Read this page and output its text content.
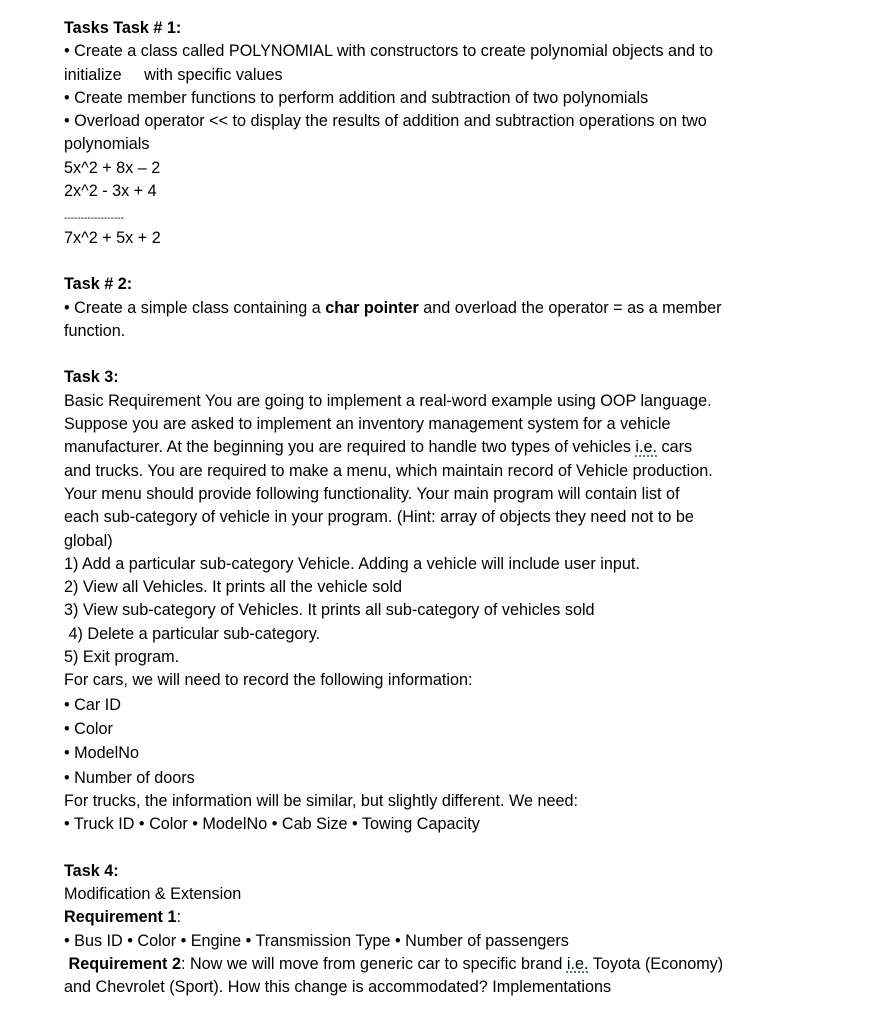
Tasks Task # 1:

• Create a class called POLYNOMIAL with constructors to create polynomial objects and to

initialize     with specific values

• Create member functions to perform addition and subtraction of two polynomials

• Overload operator << to display the results of addition and subtraction operations on two

polynomials

5x^2 + 8x – 2

2x^2 - 3x + 4

------------------

7x^2 + 5x + 2

Task # 2:

• Create a simple class containing a char pointer and overload the operator = as a member

function.

Task 3:

Basic Requirement You are going to implement a real-word example using OOP language.

Suppose you are asked to implement an inventory management system for a vehicle

manufacturer. At the beginning you are required to handle two types of vehicles i.e. cars

and trucks. You are required to make a menu, which maintain record of Vehicle production.

Your menu should provide following functionality. Your main program will contain list of

each sub-category of vehicle in your program. (Hint: array of objects they need not to be

global)

1) Add a particular sub-category Vehicle. Adding a vehicle will include user input.

2) View all Vehicles. It prints all the vehicle sold

3) View sub-category of Vehicles. It prints all sub-category of vehicles sold

4) Delete a particular sub-category.

5) Exit program.

For cars, we will need to record the following information:

• Car ID

• Color

• ModelNo

• Number of doors

For trucks, the information will be similar, but slightly different. We need:

• Truck ID • Color • ModelNo • Cab Size • Towing Capacity

Task 4:

Modification & Extension

Requirement 1:

• Bus ID • Color • Engine • Transmission Type • Number of passengers

Requirement 2: Now we will move from generic car to specific brand i.e. Toyota (Economy)

and Chevrolet (Sport). How this change is accommodated? Implementations
